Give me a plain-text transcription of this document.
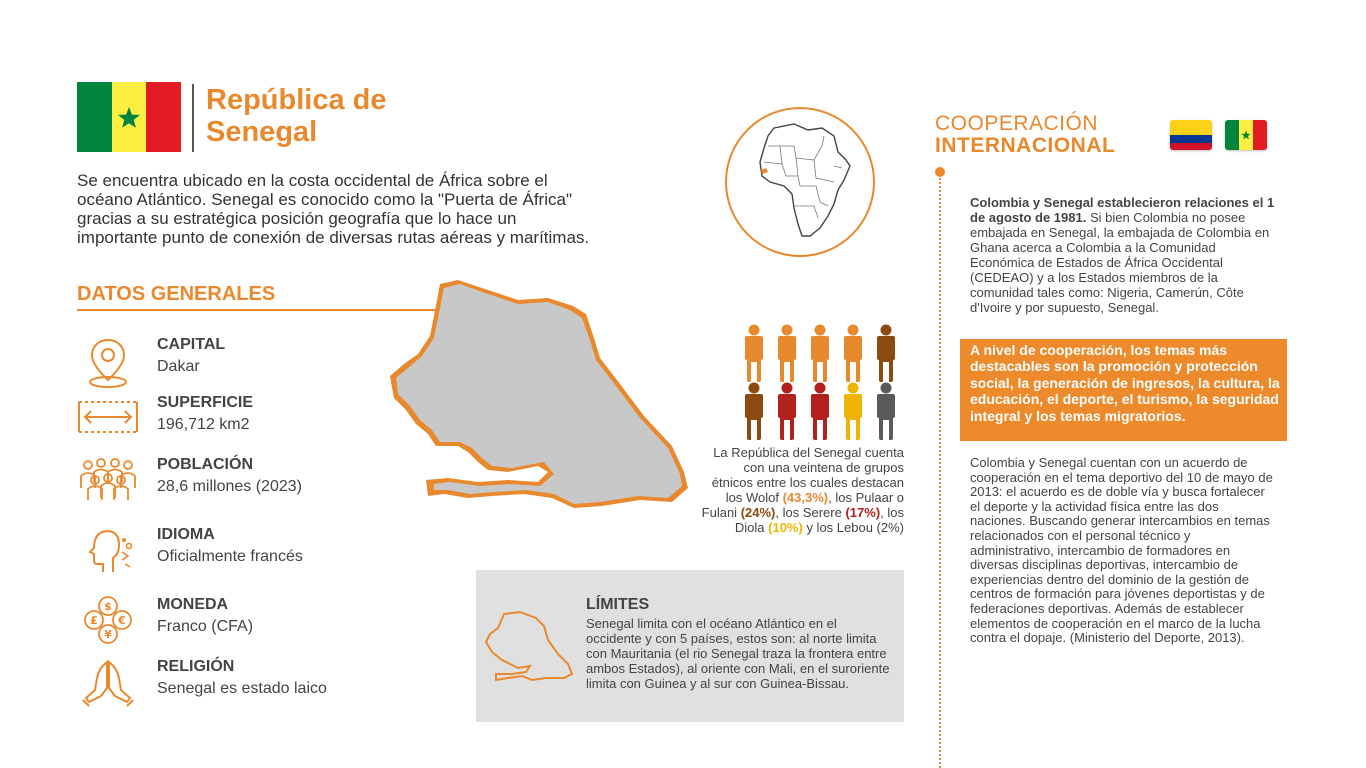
República de
Senegal

Se encuentra ubicado en la costa occidental de África sobre el océano Atlántico. Senegal es conocido como la "Puerta de África" gracias a su estratégica posición geografía que lo hace un importante punto de conexión de diversas rutas aéreas y marítimas.

DATOS GENERALES
CAPITAL
Dakar
SUPERFICIE
196,712 km2
POBLACIÓN
28,6 millones (2023)
IDIOMA
Oficialmente francés
$
£ €
¥
MONEDA
Franco (CFA)
RELIGIÓN
Senegal es estado laico

La República del Senegal cuenta con una veintena de grupos étnicos entre los cuales destacan los Wolof (43,3%), los Pulaar o Fulani (24%), los Serere (17%), los Diola (10%) y los Lebou (2%)

LÍMITES

Senegal limita con el océano Atlántico en el occidente y con 5 países, estos son: al norte limita con Mauritania (el rio Senegal traza la frontera entre ambos Estados), al oriente con Mali, en el suroriente limita con Guinea y al sur con Guinea-Bissau.

COOPERACIÓN
INTERNACIONAL

Colombia y Senegal establecieron relaciones el 1 de agosto de 1981. Si bien Colombia no posee embajada en Senegal, la embajada de Colombia en Ghana acerca a Colombia a la Comunidad Económica de Estados de África Occidental (CEDEAO) y a los Estados miembros de la comunidad tales como: Nigeria, Camerún, Côte d'Ivoire y por supuesto, Senegal.

A nivel de cooperación, los temas más destacables son la promoción y protección social, la generación de ingresos, la cultura, la educación, el deporte, el turismo, la seguridad integral y los temas migratorios.

Colombia y Senegal cuentan con un acuerdo de cooperación en el tema deportivo del 10 de mayo de 2013: el acuerdo es de doble vía y busca fortalecer el deporte y la actividad física entre las dos naciones. Buscando generar intercambios en temas relacionados con el personal técnico y administrativo, intercambio de formadores en diversas disciplinas deportivas, intercambio de experiencias dentro del dominio de la gestión de centros de formación para jóvenes deportistas y de federaciones deportivas. Además de establecer elementos de cooperación en el marco de la lucha contra el dopaje. (Ministerio del Deporte, 2013).
